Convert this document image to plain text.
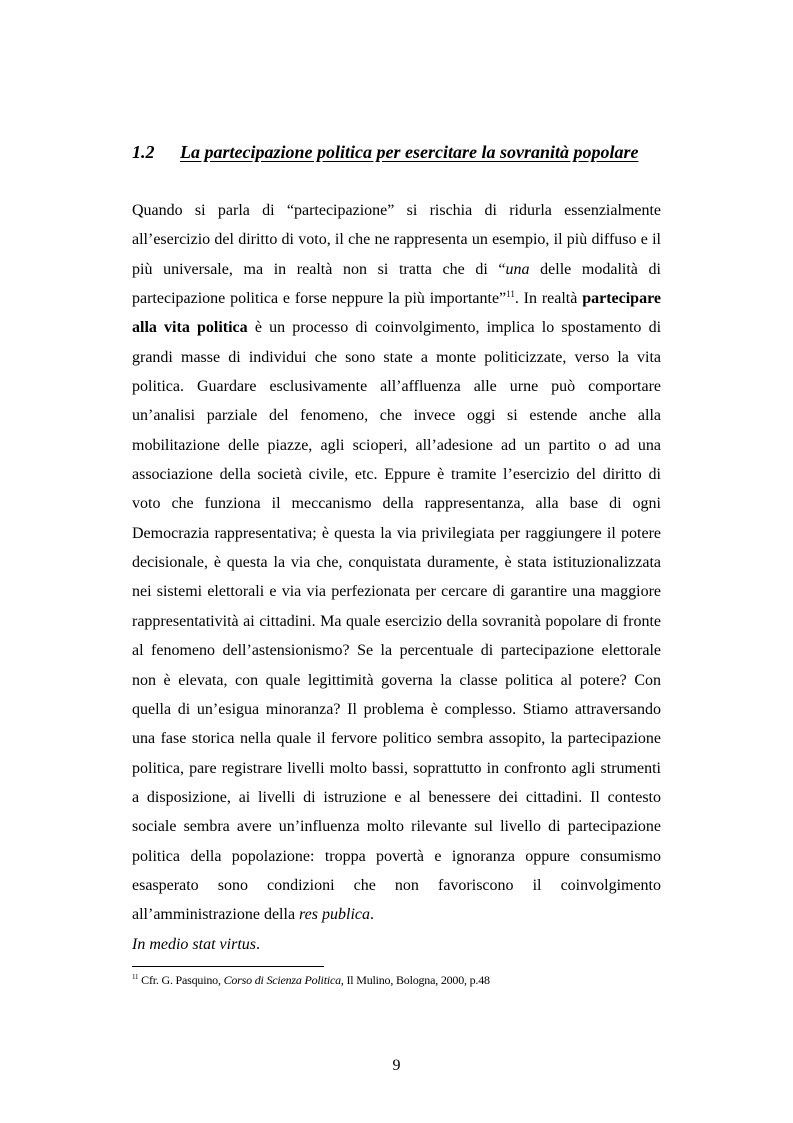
1.2 La partecipazione politica per esercitare la sovranità popolare

Quando si parla di “partecipazione” si rischia di ridurla essenzialmente all’esercizio del diritto di voto, il che ne rappresenta un esempio, il più diffuso e il più universale, ma in realtà non si tratta che di “una delle modalità di partecipazione politica e forse neppure la più importante”$^{11}$. In realtà partecipare alla vita politica è un processo di coinvolgimento, implica lo spostamento di grandi masse di individui che sono state a monte politicizzate, verso la vita politica. Guardare esclusivamente all’affluenza alle urne può comportare un’analisi parziale del fenomeno, che invece oggi si estende anche alla mobilitazione delle piazze, agli scioperi, all’adesione ad un partito o ad una associazione della società civile, etc. Eppure è tramite l’esercizio del diritto di voto che funziona il meccanismo della rappresentanza, alla base di ogni Democrazia rappresentativa; è questa la via privilegiata per raggiungere il potere decisionale, è questa la via che, conquistata duramente, è stata istituzionalizzata nei sistemi elettorali e via via perfezionata per cercare di garantire una maggiore rappresentatività ai cittadini. Ma quale esercizio della sovranità popolare di fronte al fenomeno dell’astensionismo? Se la percentuale di partecipazione elettorale non è elevata, con quale legittimità governa la classe politica al potere? Con quella di un’esigua minoranza? Il problema è complesso. Stiamo attraversando una fase storica nella quale il fervore politico sembra assopito, la partecipazione politica, pare registrare livelli molto bassi, soprattutto in confronto agli strumenti a disposizione, ai livelli di istruzione e al benessere dei cittadini. Il contesto sociale sembra avere un’influenza molto rilevante sul livello di partecipazione politica della popolazione: troppa povertà e ignoranza oppure consumismo esasperato sono condizioni che non favoriscono il coinvolgimento all’amministrazione della res publica.

In medio stat virtus.

$^{11}$ Cfr. G. Pasquino, Corso di Scienza Politica, Il Mulino, Bologna, 2000, p.48
9
